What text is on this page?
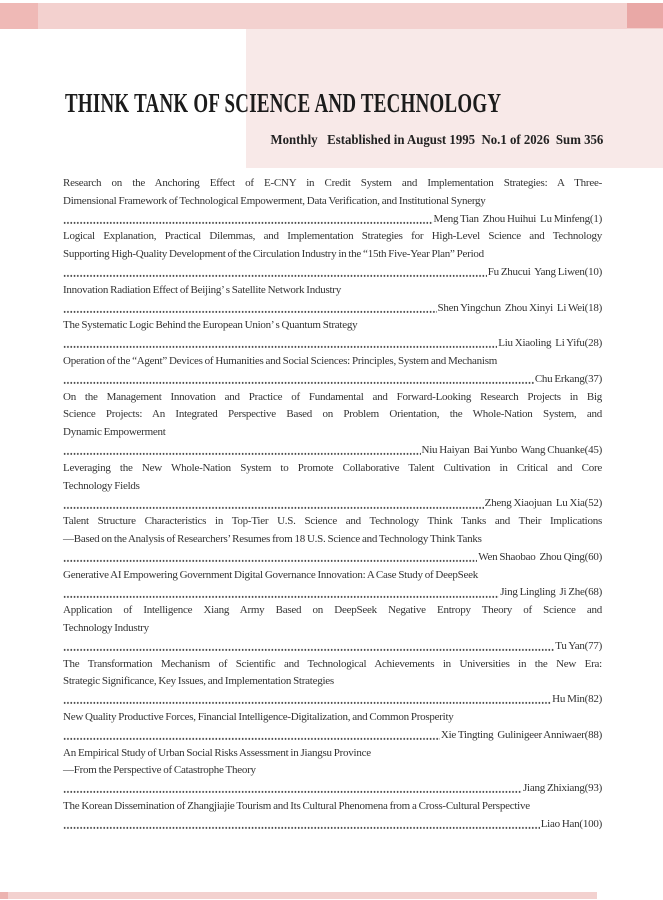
THINK TANK OF SCIENCE AND TECHNOLOGY
Monthly   Established in August 1995  No.1 of 2026  Sum 356
Research on the Anchoring Effect of E-CNY in Credit System and Implementation Strategies: A Three-
Dimensional Framework of Technological Empowerment, Data Verification, and Institutional Synergy
Meng Tian  Zhou Huihui  Lu Minfeng(1)
Logical Explanation, Practical Dilemmas, and Implementation Strategies for High-Level Science and Technology
Supporting High-Quality Development of the Circulation Industry in the “15th Five-Year Plan” Period
Fu Zhucui  Yang Liwen(10)
Innovation Radiation Effect of Beijing’ s Satellite Network Industry
Shen Yingchun  Zhou Xinyi  Li Wei(18)
The Systematic Logic Behind the European Union’ s Quantum Strategy
Liu Xiaoling  Li Yifu(28)
Operation of the “Agent” Devices of Humanities and Social Sciences: Principles, System and Mechanism
Chu Erkang(37)
On the Management Innovation and Practice of Fundamental and Forward-Looking Research Projects in Big
Science Projects: An Integrated Perspective Based on Problem Orientation, the Whole-Nation System, and
Dynamic Empowerment
Niu Haiyan  Bai Yunbo  Wang Chuanke(45)
Leveraging the New Whole-Nation System to Promote Collaborative Talent Cultivation in Critical and Core
Technology Fields
Zheng Xiaojuan  Lu Xia(52)
Talent Structure Characteristics in Top-Tier U.S. Science and Technology Think Tanks and Their Implications
—Based on the Analysis of Researchers’ Resumes from 18 U.S. Science and Technology Think Tanks
Wen Shaobao  Zhou Qing(60)
Generative AI Empowering Government Digital Governance Innovation: A Case Study of DeepSeek
Jing Lingling  Ji Zhe(68)
Application of Intelligence Xiang Army Based on DeepSeek Negative Entropy Theory of Science and
Technology Industry
Tu Yan(77)
The Transformation Mechanism of Scientific and Technological Achievements in Universities in the New Era:
Strategic Significance, Key Issues, and Implementation Strategies
Hu Min(82)
New Quality Productive Forces, Financial Intelligence-Digitalization, and Common Prosperity
Xie Tingting  Gulinigeer Anniwaer(88)
An Empirical Study of Urban Social Risks Assessment in Jiangsu Province
—From the Perspective of Catastrophe Theory
Jiang Zhixiang(93)
The Korean Dissemination of Zhangjiajie Tourism and Its Cultural Phenomena from a Cross-Cultural Perspective
Liao Han(100)
